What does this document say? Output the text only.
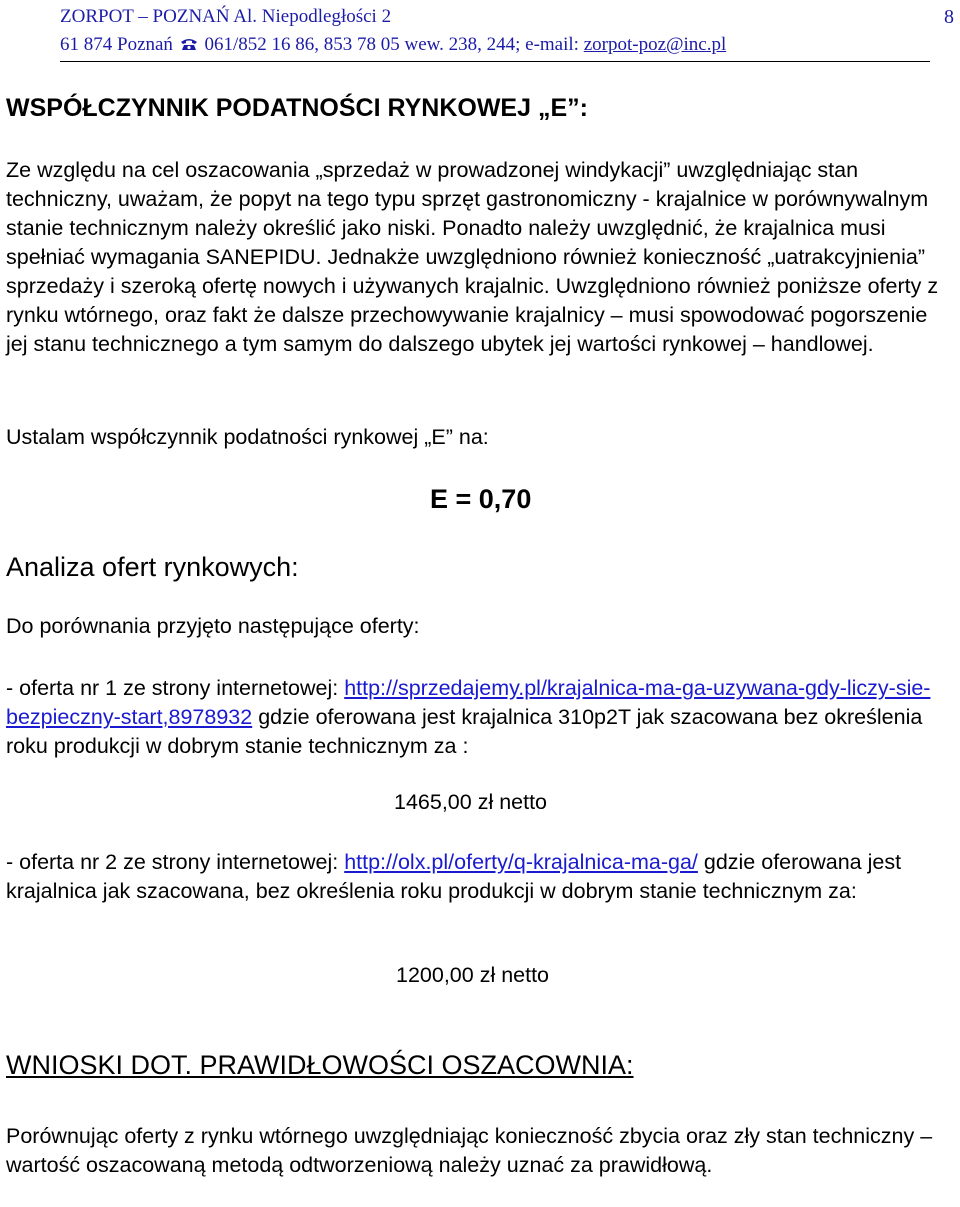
ZORPOT – POZNAŃ Al. Niepodległości 2
61 874 Poznań 061/852 16 86, 853 78 05 wew. 238, 244; e-mail: zorpot-poz@inc.pl
8
WSPÓŁCZYNNIK PODATNOŚCI RYNKOWEJ „E”:

Ze względu na cel oszacowania „sprzedaż w prowadzonej windykacji” uwzględniając stan techniczny, uważam, że popyt na tego typu sprzęt gastronomiczny - krajalnice w porównywalnym stanie technicznym należy określić jako niski. Ponadto należy uwzględnić, że krajalnica musi spełniać wymagania SANEPIDU. Jednakże uwzględniono również konieczność „uatrakcyjnienia” sprzedaży i szeroką ofertę nowych i używanych krajalnic. Uwzględniono również poniższe oferty z rynku wtórnego, oraz fakt że dalsze przechowywanie krajalnicy – musi spowodować pogorszenie jej stanu technicznego a tym samym do dalszego ubytek jej wartości rynkowej – handlowej.

Ustalam współczynnik podatności rynkowej „E” na:

E = 0,70
Analiza ofert rynkowych:
Do porównania przyjęto następujące oferty:

- oferta nr 1 ze strony internetowej: http://sprzedajemy.pl/krajalnica-ma-ga-uzywana-gdy-liczy-sie-bezpieczny-start,8978932 gdzie oferowana jest krajalnica 310p2T jak szacowana bez określenia roku produkcji w dobrym stanie technicznym za :

1465,00 zł netto

- oferta nr 2 ze strony internetowej: http://olx.pl/oferty/q-krajalnica-ma-ga/ gdzie oferowana jest krajalnica jak szacowana, bez określenia roku produkcji w dobrym stanie technicznym za:

1200,00 zł netto
WNIOSKI DOT. PRAWIDŁOWOŚCI OSZACOWNIA:

Porównując oferty z rynku wtórnego uwzględniając konieczność zbycia oraz zły stan techniczny – wartość oszacowaną metodą odtworzeniową należy uznać za prawidłową.
